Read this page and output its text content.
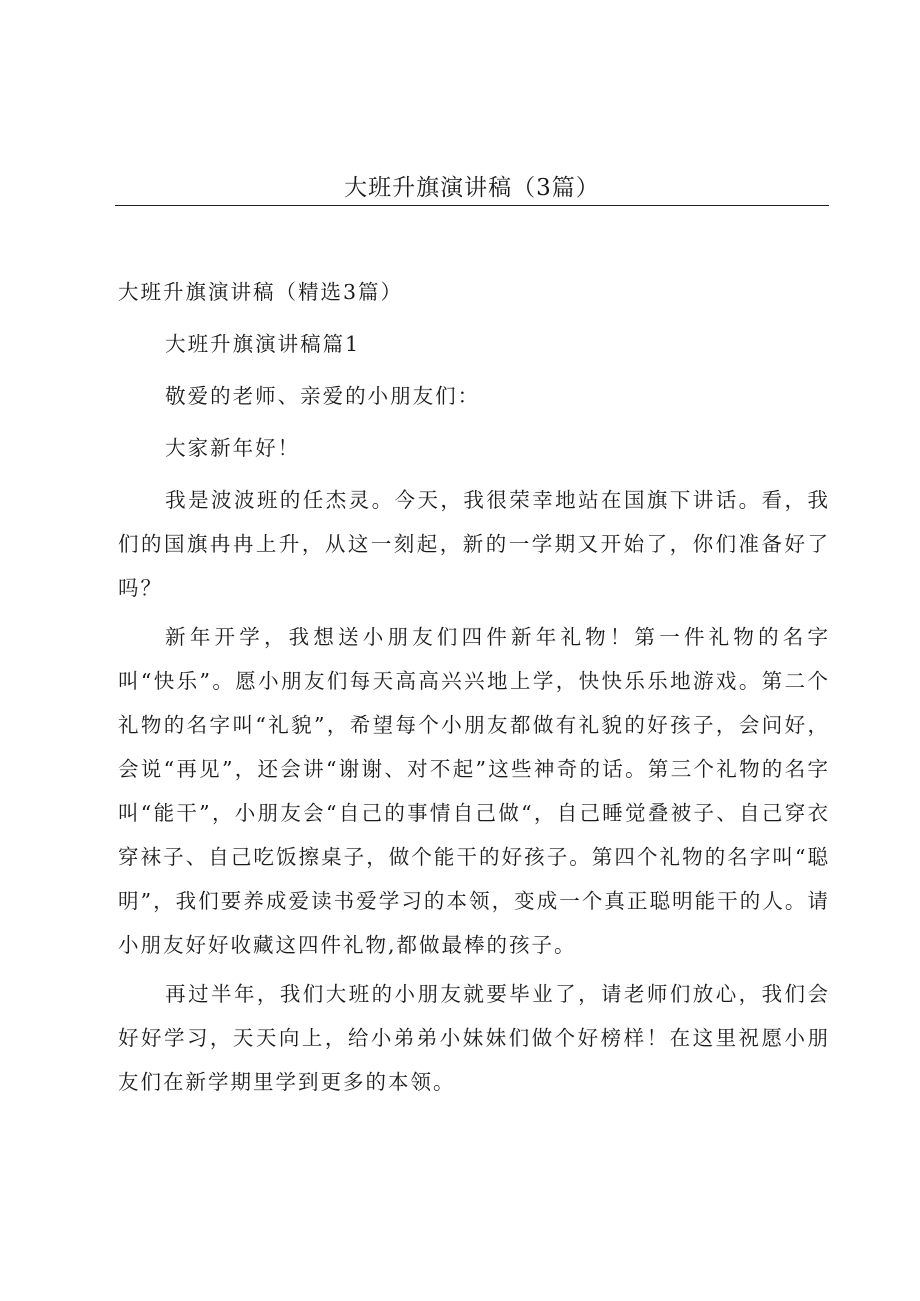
大班升旗演讲稿（3篇）

大班升旗演讲稿（精选3篇）

大班升旗演讲稿篇1

敬爱的老师、亲爱的小朋友们：

大家新年好！

我是波波班的任杰灵。今天，我很荣幸地站在国旗下讲话。看，我们的国旗冉冉上升，从这一刻起，新的一学期又开始了，你们准备好了吗？

新年开学，我想送小朋友们四件新年礼物！第一件礼物的名字叫“快乐”。愿小朋友们每天高高兴兴地上学，快快乐乐地游戏。第二个礼物的名字叫“礼貌”，希望每个小朋友都做有礼貌的好孩子，会问好，会说“再见”，还会讲“谢谢、对不起”这些神奇的话。第三个礼物的名字叫“能干”，小朋友会“自己的事情自己做“，自己睡觉叠被子、自己穿衣穿袜子、自己吃饭擦桌子，做个能干的好孩子。第四个礼物的名字叫“聪明”，我们要养成爱读书爱学习的本领，变成一个真正聪明能干的人。请小朋友好好收藏这四件礼物,都做最棒的孩子。

再过半年，我们大班的小朋友就要毕业了，请老师们放心，我们会好好学习，天天向上，给小弟弟小妹妹们做个好榜样！在这里祝愿小朋友们在新学期里学到更多的本领。
